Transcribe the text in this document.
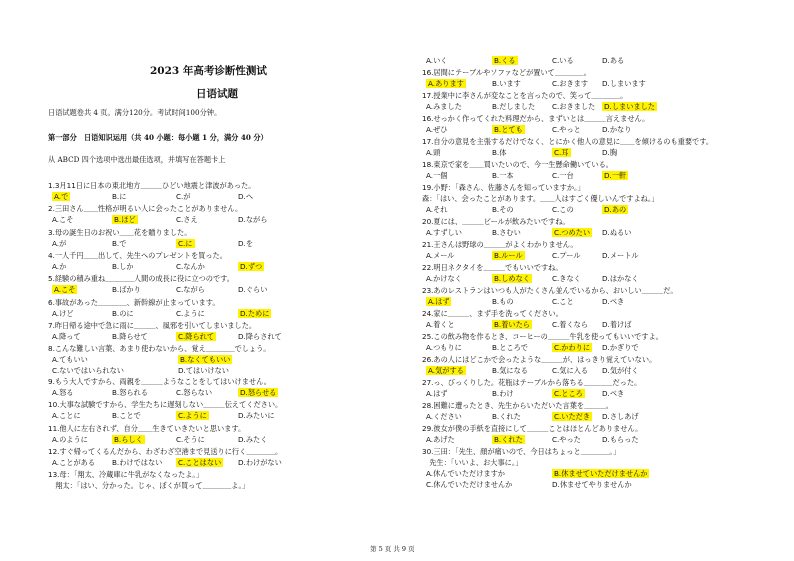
2023 年高考诊断性测试
日语试题
日语试题卷共 4 页。满分120分。考试时间100分钟。
第一部分　日语知识运用（共 40 小题：每小题 1 分，满分 40 分）
从 ABCD 四个选项中选出最佳选项，并填写在答题卡上
1.3月11日に日本の東北地方＿＿＿ひどい地震と津波があった。
A.で	B.に	C.が	D.へ
2.三田さん＿＿性格が明るい人に会ったことがありません。
A.こそ	B.ほど	C.さえ	D.ながら
3.母の誕生日のお祝い＿＿花を贈りました。
A.が	B.で	C.に	D.を
4.一人千円＿＿出して、先生へのプレゼントを買った。
A.か	B.しか	C.なんか	D.ずつ
5.経験の積み重ね＿＿＿＿人間の成長に役に立つのです。
A.こそ	B.ばかり	C.ながら	D.ぐらい
6.事故があった＿＿＿＿、新幹線が止まっています。
A.けど	B.のに	C.ように	D.ために
7.昨日帰る途中で急に雨に＿＿＿、風邪を引いてしまいました。
A.降って	B.降らせて	C.降られて	D.降らされて
8.こんな難しい言葉、あまり使わないから、覚え＿＿＿＿でしょう。
A.てもいい	B.なくてもいい
C.ないではいられない	D.てはいけない
9.もう大人ですから、両親を＿＿＿ようなことをしてはいけません。
A.怒る	B.怒られる	C.怒らない	D.怒らせる
10.大事な試験ですから、学生たちに遅刻しない＿＿＿伝えてください。
A.ことに	B.ことで	C.ように	D.みたいに
11.他人に左右されず、自分＿＿生きていきたいと思います。
A.のように	B.らしく	C.そうに	D.みたく
12.すぐ帰ってくるんだから、わざわざ空港まで見送りに行く＿＿＿＿。
A.ことがある B.わけではない C.ことはない D.わけがない
13.母：「翔太、冷蔵庫に牛乳がなくなったよ。」
　翔太：「はい、分かった。じゃ、ぼくが買って＿＿＿＿よ。」
A.いく	B.くる	C.いる	D.ある
16.居間にテーブルやソファなどが置いて＿＿＿＿。
A.あります	B.います	C.おきます D.しまいます
17.授業中に李さんが変なことを言ったので、笑って＿＿＿＿。
A.みました	B.だしました C.おきました D.しまいました
16.せっかく作ってくれた料理だから、まずいとは＿＿＿言えません。
A.ぜひ	B.とても	C.やっと	D.かなり
17.自分の意見を主張するだけでなく、とにかく他人の意見に＿＿を傾けるのも重要です。
A.頭	B.体	C.耳	D.胸
18.東京で家を＿＿買いたいので、今一生懸命働いている。
A.一個	B.一本	C.一台	D.一軒
19.小野：「森さん、佐藤さんを知っていますか。」
森：「はい、会ったことがあります。＿＿人はすごく優しいんですよね。」
A.それ	B.その	C.この	D.あの
20.夏には、＿＿＿ビールが飲みたいですね。
A.すずしい	B.さむい	C.つめたい D.ぬるい
21.王さんは野球の＿＿＿がよくわかりません。
A.メール	B.ルール	C.プール	D.メートル
22.明日ネクタイを＿＿＿でもいいですね。
A.かけなく	B.しめなく	C.きなく	D.はかなく
23.あのレストランはいつも人がたくさん並んでいるから、おいしい＿＿＿だ。
A.はず	B.もの	C.こと	D.べき
24.家に＿＿＿、まず手を洗ってください。
A.着くと	B.着いたら	C.着くなら D.着けば
25.この飲み物を作るとき、コーヒーの＿＿＿牛乳を使ってもいいですよ。
A.つもりに	B.ところで	C.かわりに D.かぎりで
26.あの人にはどこかで会ったような＿＿＿が、はっきり覚えていない。
A.気がする	B.気になる	C.気に入る D.気が付く
27.っ、びっくりした。花瓶はテーブルから落ちる＿＿＿＿だった。
A.はず	B.わけ	C.ところ	D.べき
28.困難に遭ったとき、先生からいただいた言葉を＿＿＿。
A.ください	B.くれた	C.いただき D.さしあげ
29.彼女が僕の手紙を直接にして＿＿＿ことはほとんどありません。
A.あげた	B.くれた	C.やった	D.もらった
30.三田：「先生、顔が痛いので、今日はちょっと＿＿＿＿。」
　先生：「いいよ、お大事に。」
A.休んでいただけますか	B.休ませていただけませんか
C.休んでいただけませんか	D.休ませてやりませんか
第 5 页 共 9 页
